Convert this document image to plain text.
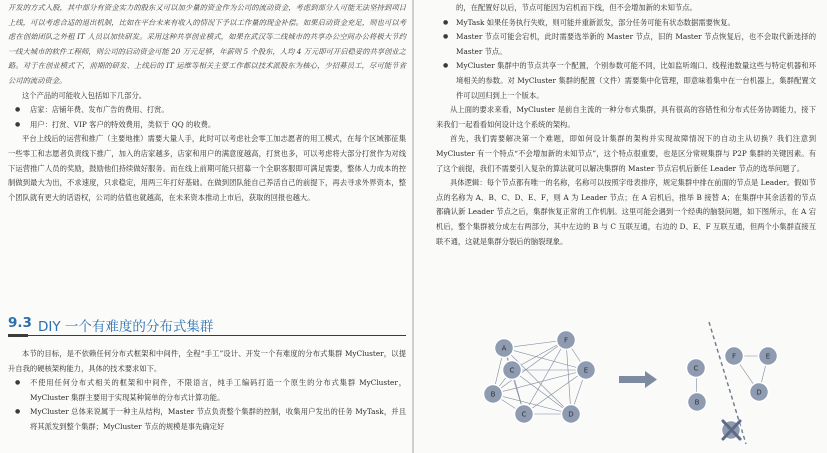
开发的方式入股，其中部分有资金实力的股东又可以加少量的资金作为公司的流动资金，考虑到部分人可能无法坚持到项目上线，可以考虑合适的退出机制，比如在平台未来有收入的情况下予以工作量的现金补偿。如果启动资金充足，则也可以考虑在创始团队之外租 IT 人员以加快研发。采用这种共享创业模式，如果在武汉等二线城市的共享办公空间办公将极大节约一线大城市的软件工程师，则公司的启动资金可能 20 万元足够，年薪则 5 个股东，人均 4 万元即可开启稳妥的共享创业之路。对于在创业模式下，前期的研发、上线后的 IT 运维等相关主要工作都以技术派股东为核心，少招募员工，尽可能节省公司的流动资金。

这个产品的可能收入包括如下几部分。

● 店家：店铺年费、发布广告的费用、打赏。
● 用户：打赏、VIP 客户的特效费用，类似于 QQ 的收费。

平台上线后的运营和推广（主要地推）需要大量人手，此时可以考虑社会零工加志愿者的用工模式，在每个区域都征集一些零工和志愿者负责线下推广，加入的店家越多，店家和用户的满意度越高，打赏也多，可以考虑将大部分打赏作为对线下运营推广人员的奖励，鼓励他们持续做好服务。而在线上前期可能只招募一个全职客服即可满足需要，整体人力成本的控制做到最大为出，不求速度，只求稳定，用两三年打好基础。在做到团队能自己养活自己的前提下，再去寻求外界资本，整个团队就有更大的话语权，公司的估值也就越高，在未来资本推动上市后，获取的回报也越大。

9.3 DIY 一个有难度的分布式集群

本节的目标，是不依赖任何分布式框架和中间件，全程“手工”设计、开发一个有难度的分布式集群 MyCluster，以提升自我的硬核架构能力，具体的技术要求如下。

● 不使用任何分布式相关的框架和中间件，不限语言，纯手工编码打造一个原生的分布式集群 MyCluster，MyCluster 集群主要用于实现某种简单的分布式计算功能。
● MyCluster 总体来说属于一种主从结构，Master 节点负责整个集群的控制，收集用户发出的任务 MyTask，并且将其派发到整个集群；MyCluster 节点的规模是事先确定好

的，在配置好以后，节点可能因为宕机而下线，但不会增加新的未知节点。

● MyTask 如果任务执行失败，则可能并重新派发，部分任务可能有状态数据需要恢复。
● Master 节点可能会宕机，此时需要选举新的 Master 节点，旧的 Master 节点恢复后，也不会取代新选择的 Master 节点。
● MyCluster 集群中的节点共享一个配置，个别参数可能不同，比如监听端口、线程池数量这些与特定机器和环境相关的参数。对 MyCluster 集群的配置（文件）需要集中化管理，即意味着集中在一台机器上，集群配置文件可以回归到上一个版本。

从上面的要求来看，MyCluster 是前自主流的一种分布式集群，具有很高的容错性和分布式任务协调能力，接下来我们一起看看如何设计这个系统的架构。

首先，我们需要解决第一个难题，即如何设计集群的架构并实现故障情况下的自动主从切换？我们注意到 MyCluster 有一个特点“不会增加新的未知节点”，这个特点很重要，也是区分常规集群与 P2P 集群的关键因素。有了这个前提，我们不需要引入复杂的算法就可以解决集群的 Master 节点宕机后新任 Leader 节点的选举问题了。

具体逻辑：每个节点都有唯一的名称，名称可以按照字母表排序，规定集群中排在前面的节点是 Leader。假如节点的名称为 A、B、C、D、E、F，则 A 为 Leader 节点；在 A 宕机后，推举 B 接替 A；在集群中其余活着的节点都确认新 Leader 节点之后，集群恢复正常的工作机制。这里可能会遇到一个经典的脑裂问题，如下图所示，在 A 宕机后，整个集群被分成左右两部分，其中左边的 B 与 C 互联互通，右边的 D、E、F 互联互通，但两个小集群直接互联不通，这就是集群分裂后的脑裂现象。

A
F
C	E
B
C	D
C
B
F	E
D
